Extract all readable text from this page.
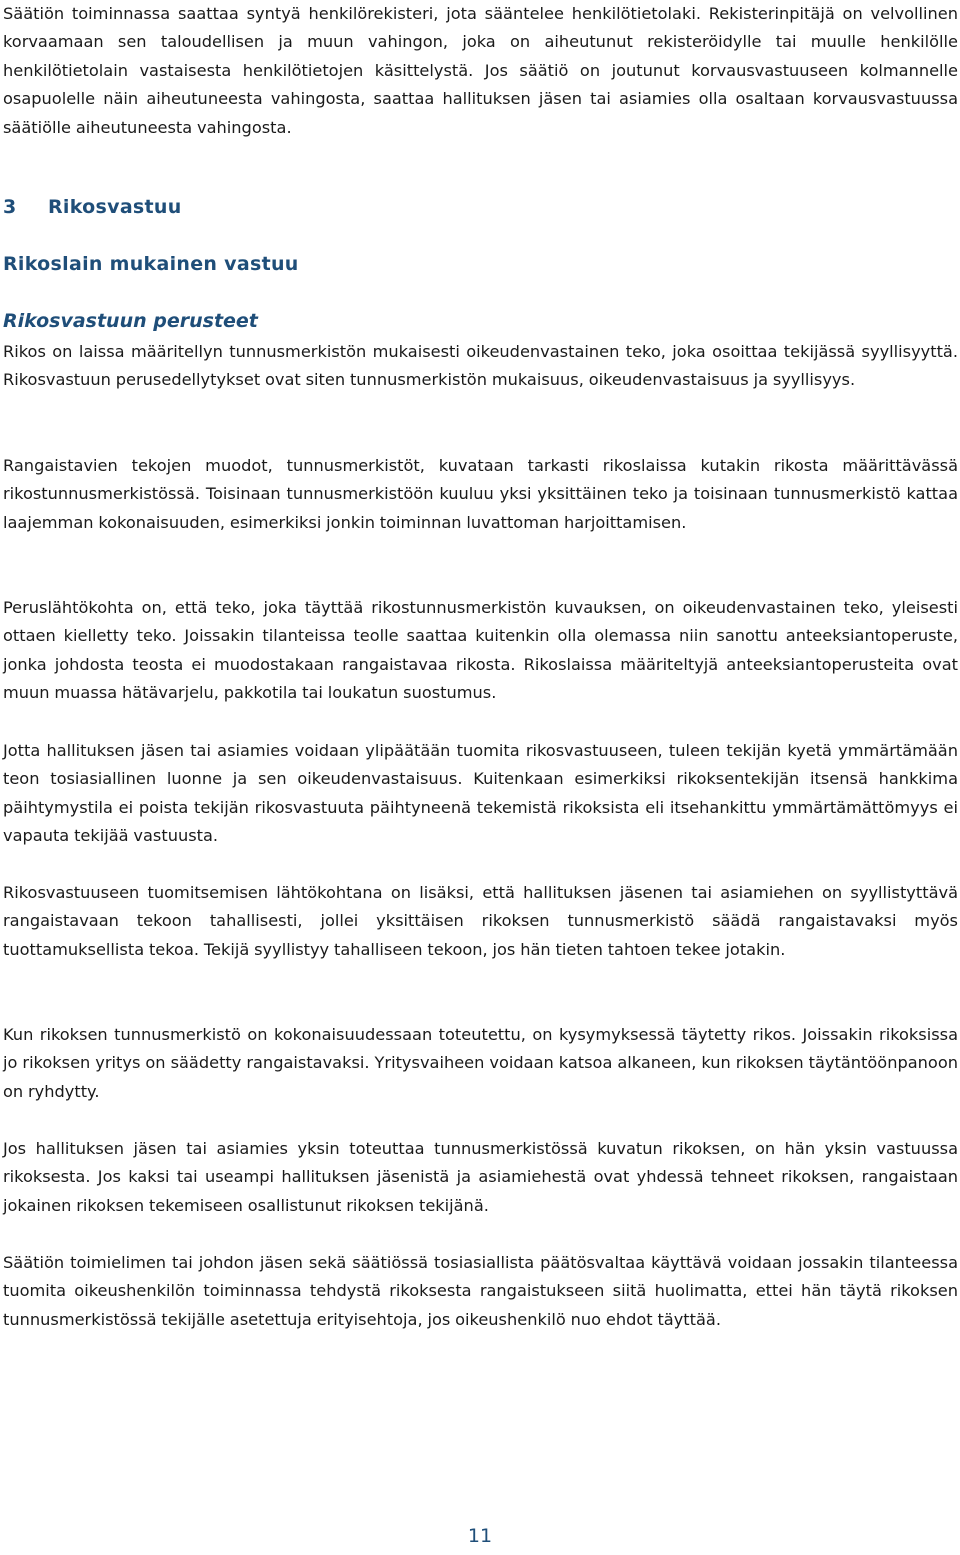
Säätiön toiminnassa saattaa syntyä henkilörekisteri, jota sääntelee henkilötietolaki. Rekisterinpitäjä on velvollinen korvaamaan sen taloudellisen ja muun vahingon, joka on aiheutunut rekisteröidylle tai muulle henkilölle henkilötietolain vastaisesta henkilötietojen käsittelystä. Jos säätiö on joutunut korvausvastuuseen kolmannelle osapuolelle näin aiheutuneesta vahingosta, saattaa hallituksen jäsen tai asiamies olla osaltaan korvausvastuussa säätiölle aiheutuneesta vahingosta.

3 Rikosvastuu
Rikoslain mukainen vastuu
Rikosvastuun perusteet

Rikos on laissa määritellyn tunnusmerkistön mukaisesti oikeudenvastainen teko, joka osoittaa tekijässä syyllisyyttä. Rikosvastuun perusedellytykset ovat siten tunnusmerkistön mukaisuus, oikeudenvastaisuus ja syyllisyys.

Rangaistavien tekojen muodot, tunnusmerkistöt, kuvataan tarkasti rikoslaissa kutakin rikosta määrittävässä rikostunnusmerkistössä. Toisinaan tunnusmerkistöön kuuluu yksi yksittäinen teko ja toisinaan tunnusmerkistö kattaa laajemman kokonaisuuden, esimerkiksi jonkin toiminnan luvattoman harjoittamisen.

Peruslähtökohta on, että teko, joka täyttää rikostunnusmerkistön kuvauksen, on oikeudenvastainen teko, yleisesti ottaen kielletty teko. Joissakin tilanteissa teolle saattaa kuitenkin olla olemassa niin sanottu anteeksiantoperuste, jonka johdosta teosta ei muodostakaan rangaistavaa rikosta. Rikoslaissa määriteltyjä anteeksiantoperusteita ovat muun muassa hätävarjelu, pakkotila tai loukatun suostumus.

Jotta hallituksen jäsen tai asiamies voidaan ylipäätään tuomita rikosvastuuseen, tuleen tekijän kyetä ymmärtämään teon tosiasiallinen luonne ja sen oikeudenvastaisuus. Kuitenkaan esimerkiksi rikoksentekijän itsensä hankkima päihtymystila ei poista tekijän rikosvastuuta päihtyneenä tekemistä rikoksista eli itsehankittu ymmärtämättömyys ei vapauta tekijää vastuusta.

Rikosvastuuseen tuomitsemisen lähtökohtana on lisäksi, että hallituksen jäsenen tai asiamiehen on syyllistyttävä rangaistavaan tekoon tahallisesti, jollei yksittäisen rikoksen tunnusmerkistö säädä rangaistavaksi myös tuottamuksellista tekoa. Tekijä syyllistyy tahalliseen tekoon, jos hän tieten tahtoen tekee jotakin.

Kun rikoksen tunnusmerkistö on kokonaisuudessaan toteutettu, on kysymyksessä täytetty rikos. Joissakin rikoksissa jo rikoksen yritys on säädetty rangaistavaksi. Yritysvaiheen voidaan katsoa alkaneen, kun rikoksen täytäntöönpanoon on ryhdytty.

Jos hallituksen jäsen tai asiamies yksin toteuttaa tunnusmerkistössä kuvatun rikoksen, on hän yksin vastuussa rikoksesta. Jos kaksi tai useampi hallituksen jäsenistä ja asiamiehestä ovat yhdessä tehneet rikoksen, rangaistaan jokainen rikoksen tekemiseen osallistunut rikoksen tekijänä.

Säätiön toimielimen tai johdon jäsen sekä säätiössä tosiasiallista päätösvaltaa käyttävä voidaan jossakin tilanteessa tuomita oikeushenkilön toiminnassa tehdystä rikoksesta rangaistukseen siitä huolimatta, ettei hän täytä rikoksen tunnusmerkistössä tekijälle asetettuja erityisehtoja, jos oikeushenkilö nuo ehdot täyttää.

11
